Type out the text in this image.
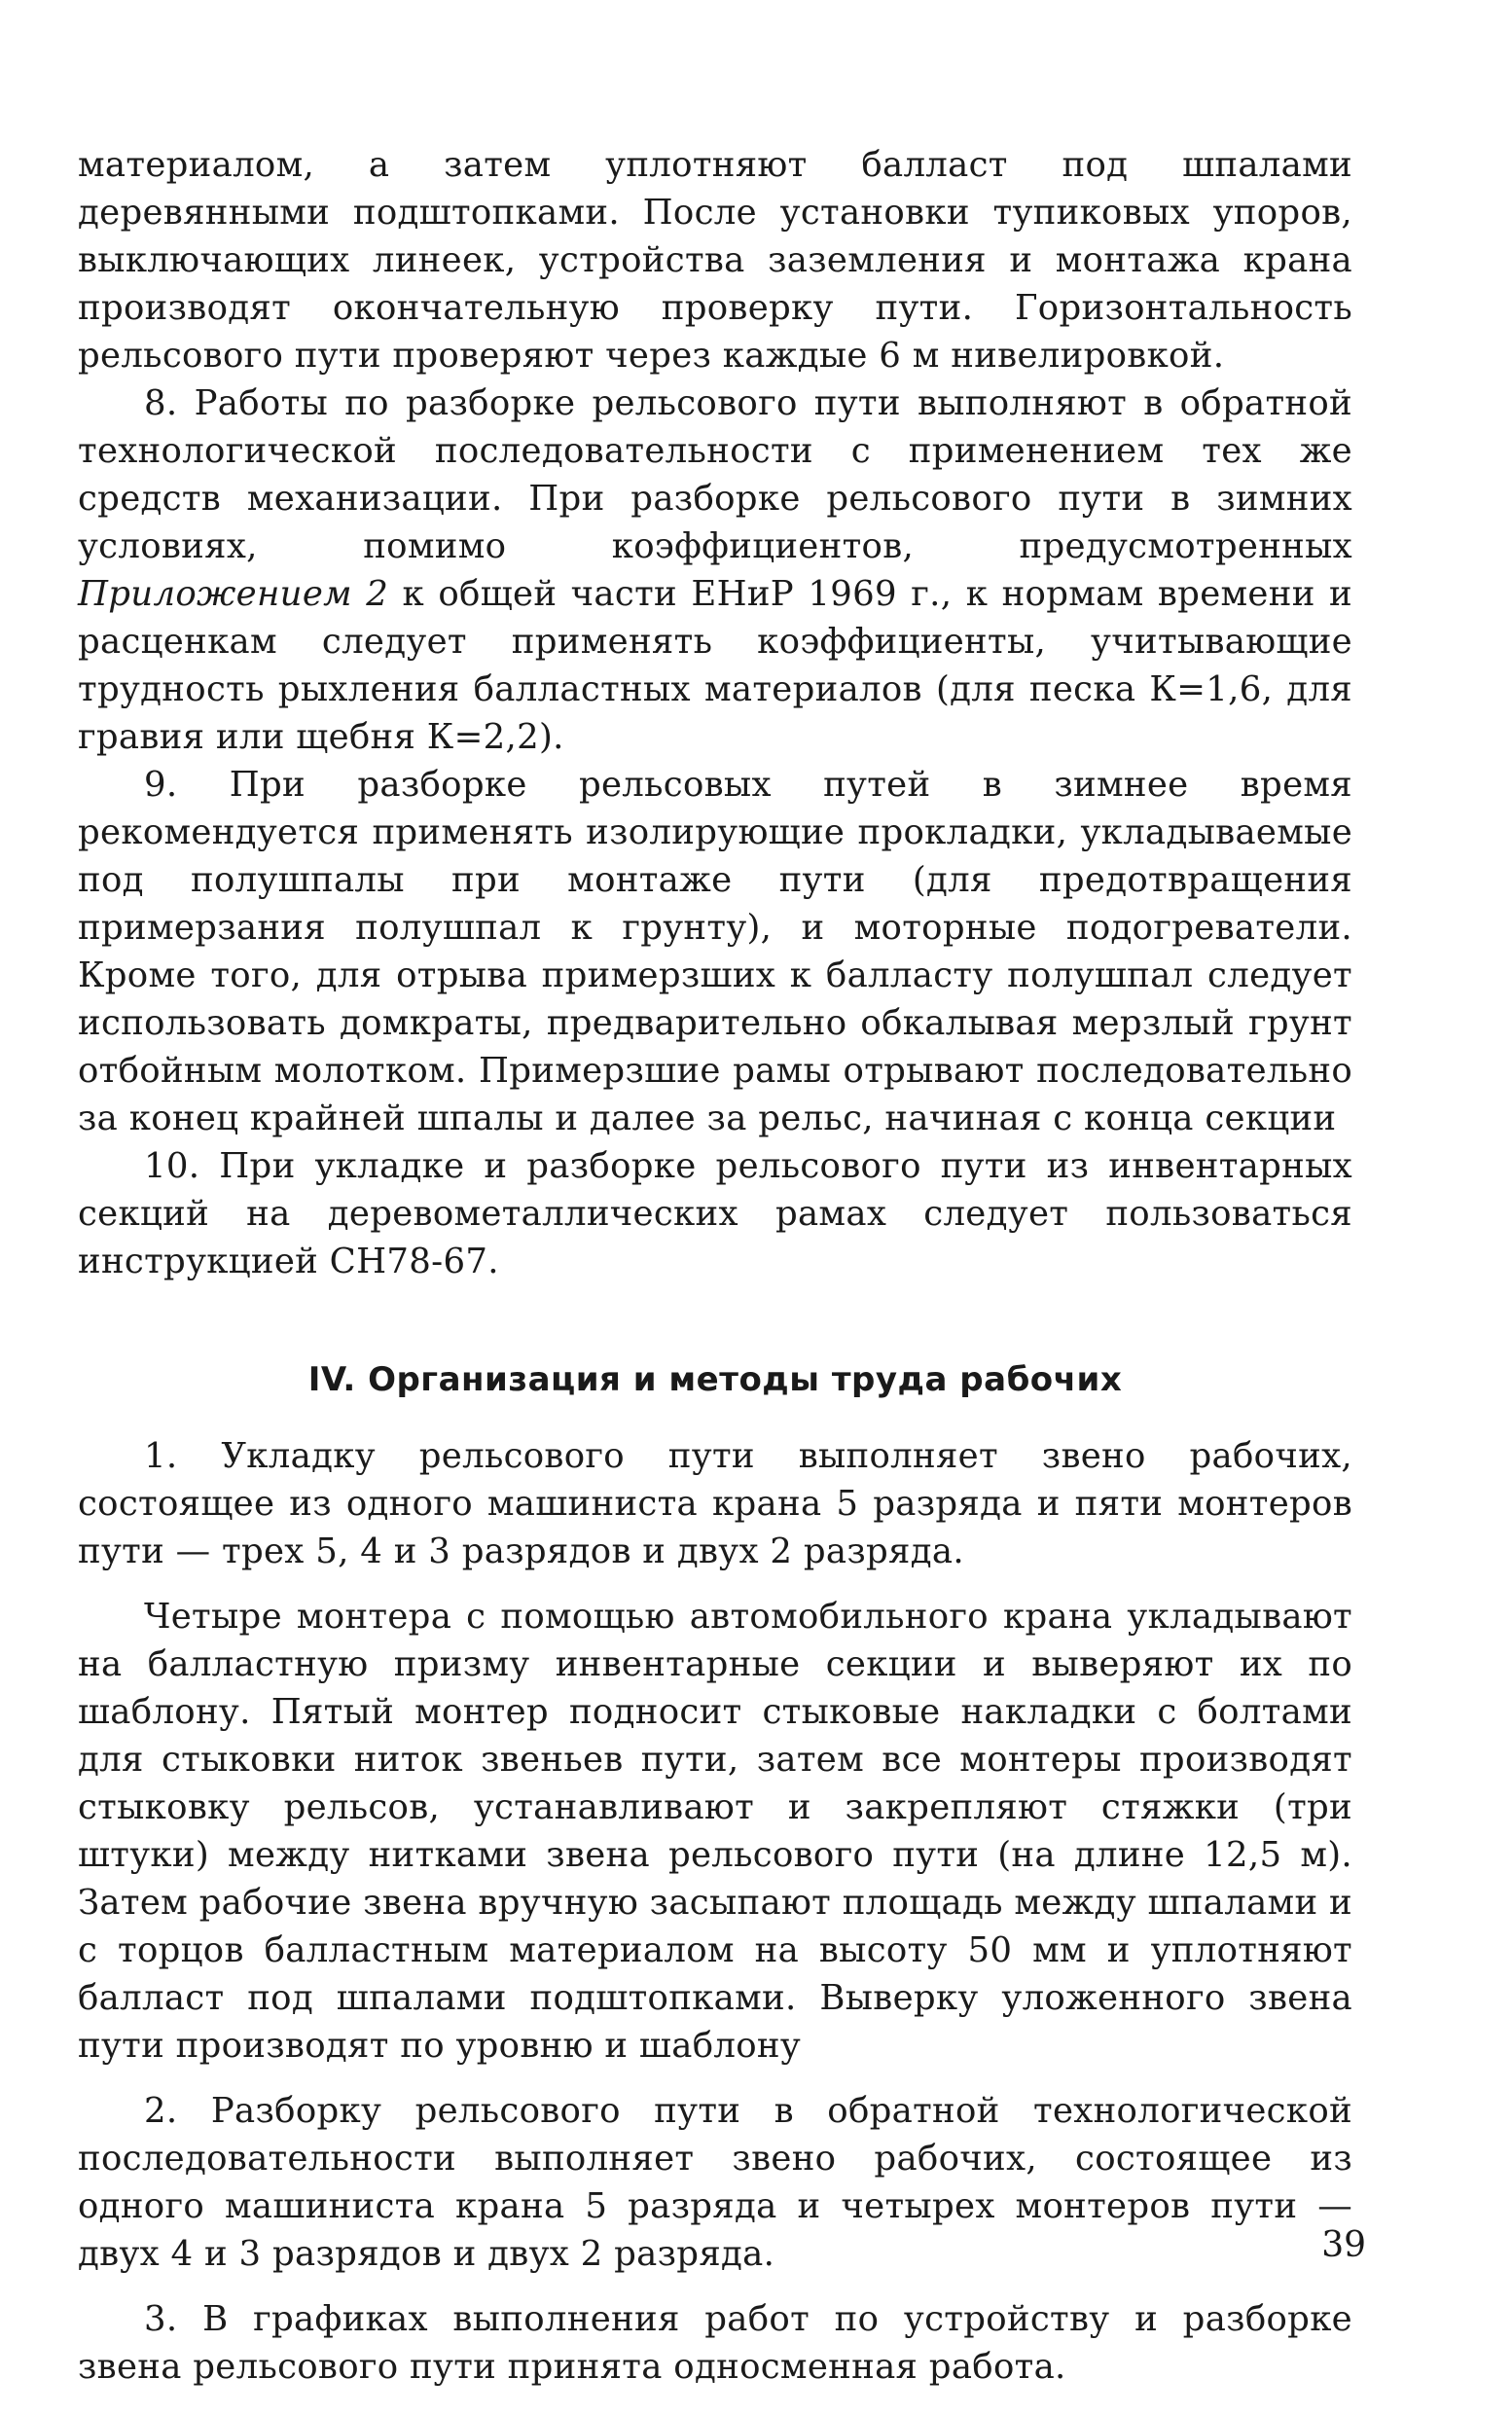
материалом, а затем уплотняют балласт под шпалами деревянными подштопками. После установки тупиковых упоров, выключающих линеек, устройства заземления и монтажа крана производят окончательную проверку пути. Горизонтальность рельсового пути проверяют через каждые 6 м нивелировкой.

8. Работы по разборке рельсового пути выполняют в обратной технологической последовательности с применением тех же средств механизации. При разборке рельсового пути в зимних условиях, помимо коэффициентов, предусмотренных Приложением 2 к общей части ЕНиР 1969 г., к нормам времени и расценкам следует применять коэффициенты, учитывающие трудность рыхления балластных материалов (для песка К=1,6, для гравия или щебня К=2,2).

9. При разборке рельсовых путей в зимнее время рекомендуется применять изолирующие прокладки, укладываемые под полушпалы при монтаже пути (для предотвращения примерзания полушпал к грунту), и моторные подогреватели. Кроме того, для отрыва примерзших к балласту полушпал следует использовать домкраты, предварительно обкалывая мерзлый грунт отбойным молотком. Примерзшие рамы отрывают последовательно за конец крайней шпалы и далее за рельс, начиная с конца секции

10. При укладке и разборке рельсового пути из инвентарных секций на деревометаллических рамах следует пользоваться инструкцией СН78-67.

IV. Организация и методы труда рабочих

1. Укладку рельсового пути выполняет звено рабочих, состоящее из одного машиниста крана 5 разряда и пяти монтеров пути — трех 5, 4 и 3 разрядов и двух 2 разряда.

Четыре монтера с помощью автомобильного крана укладывают на балластную призму инвентарные секции и выверяют их по шаблону. Пятый монтер подносит стыковые накладки с болтами для стыковки ниток звеньев пути, затем все монтеры производят стыковку рельсов, устанавливают и закрепляют стяжки (три штуки) между нитками звена рельсового пути (на длине 12,5 м). Затем рабочие звена вручную засыпают площадь между шпалами и с торцов балластным материалом на высоту 50 мм и уплотняют балласт под шпалами подштопками. Выверку уложенного звена пути производят по уровню и шаблону

2. Разборку рельсового пути в обратной технологической последовательности выполняет звено рабочих, состоящее из одного машиниста крана 5 разряда и четырех монтеров пути — двух 4 и 3 разрядов и двух 2 разряда.

3. В графиках выполнения работ по устройству и разборке звена рельсового пути принята односменная работа.

39
